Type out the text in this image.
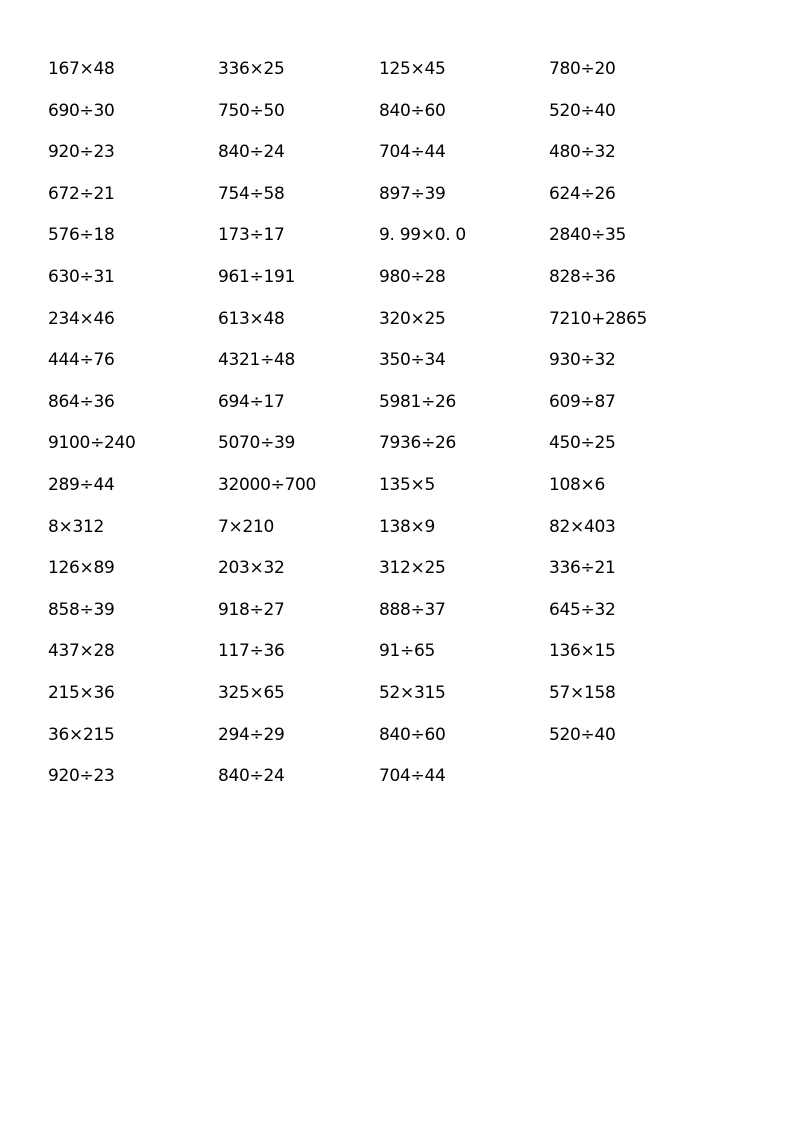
167×48	336×25	125×45	780÷20
690÷30	750÷50	840÷60	520÷40
920÷23	840÷24	704÷44	480÷32
672÷21	754÷58	897÷39	624÷26
576÷18	173÷17	9. 99×0. 0	2840÷35
630÷31	961÷191	980÷28	828÷36
234×46	613×48	320×25	7210+2865
444÷76	4321÷48	350÷34	930÷32
864÷36	694÷17	5981÷26	609÷87
9100÷240	5070÷39	7936÷26	450÷25
289÷44	32000÷700	135×5	108×6
8×312	7×210	138×9	82×403
126×89	203×32	312×25	336÷21
858÷39	918÷27	888÷37	645÷32
437×28	117÷36	91÷65	136×15
215×36	325×65	52×315	57×158
36×215	294÷29	840÷60	520÷40
920÷23	840÷24	704÷44
